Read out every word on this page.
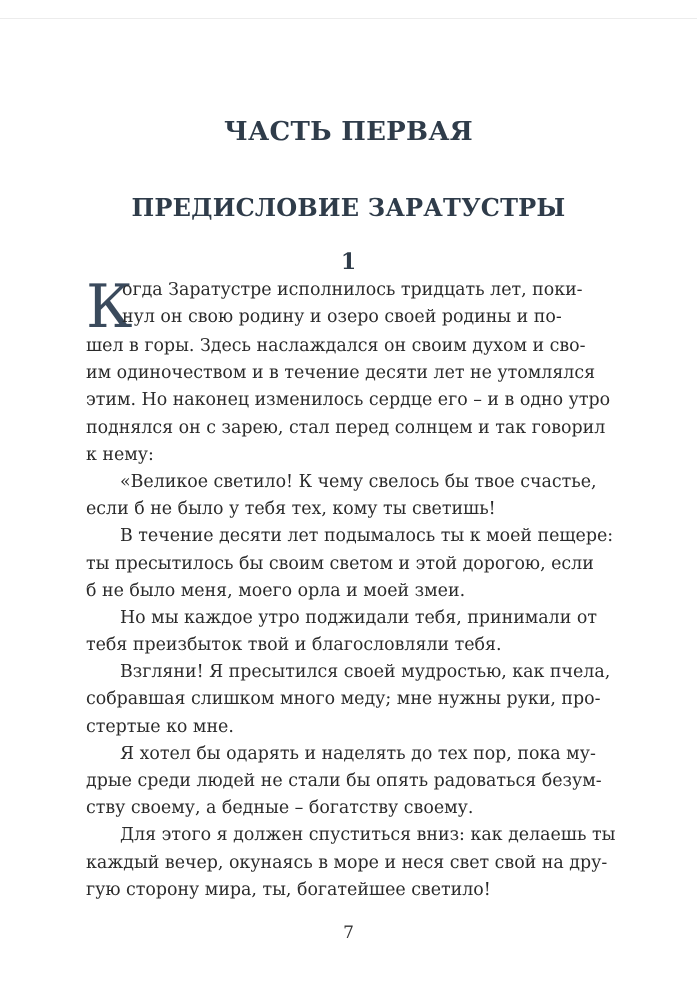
ЧАСТЬ ПЕРВАЯ
ПРЕДИСЛОВИЕ ЗАРАТУСТРЫ
1
К
огда Заратустре исполнилось тридцать лет, поки-
нул он свою родину и озеро своей родины и по-
шел в горы. Здесь наслаждался он своим духом и сво-
им одиночеством и в течение десяти лет не утомлялся
этим. Но наконец изменилось сердце его – и в одно утро
поднялся он с зарею, стал перед солнцем и так говорил
к нему:
«Великое светило! К чему свелось бы твое счастье,
если б не было у тебя тех, кому ты светишь!
В течение десяти лет подымалось ты к моей пещере:
ты пресытилось бы своим светом и этой дорогою, если
б не было меня, моего орла и моей змеи.
Но мы каждое утро поджидали тебя, принимали от
тебя преизбыток твой и благословляли тебя.
Взгляни! Я пресытился своей мудростью, как пчела,
собравшая слишком много меду; мне нужны руки, про-
стертые ко мне.
Я хотел бы одарять и наделять до тех пор, пока му-
дрые среди людей не стали бы опять радоваться безум-
ству своему, а бедные – богатству своему.
Для этого я должен спуститься вниз: как делаешь ты
каждый вечер, окунаясь в море и неся свет свой на дру-
гую сторону мира, ты, богатейшее светило!
7
